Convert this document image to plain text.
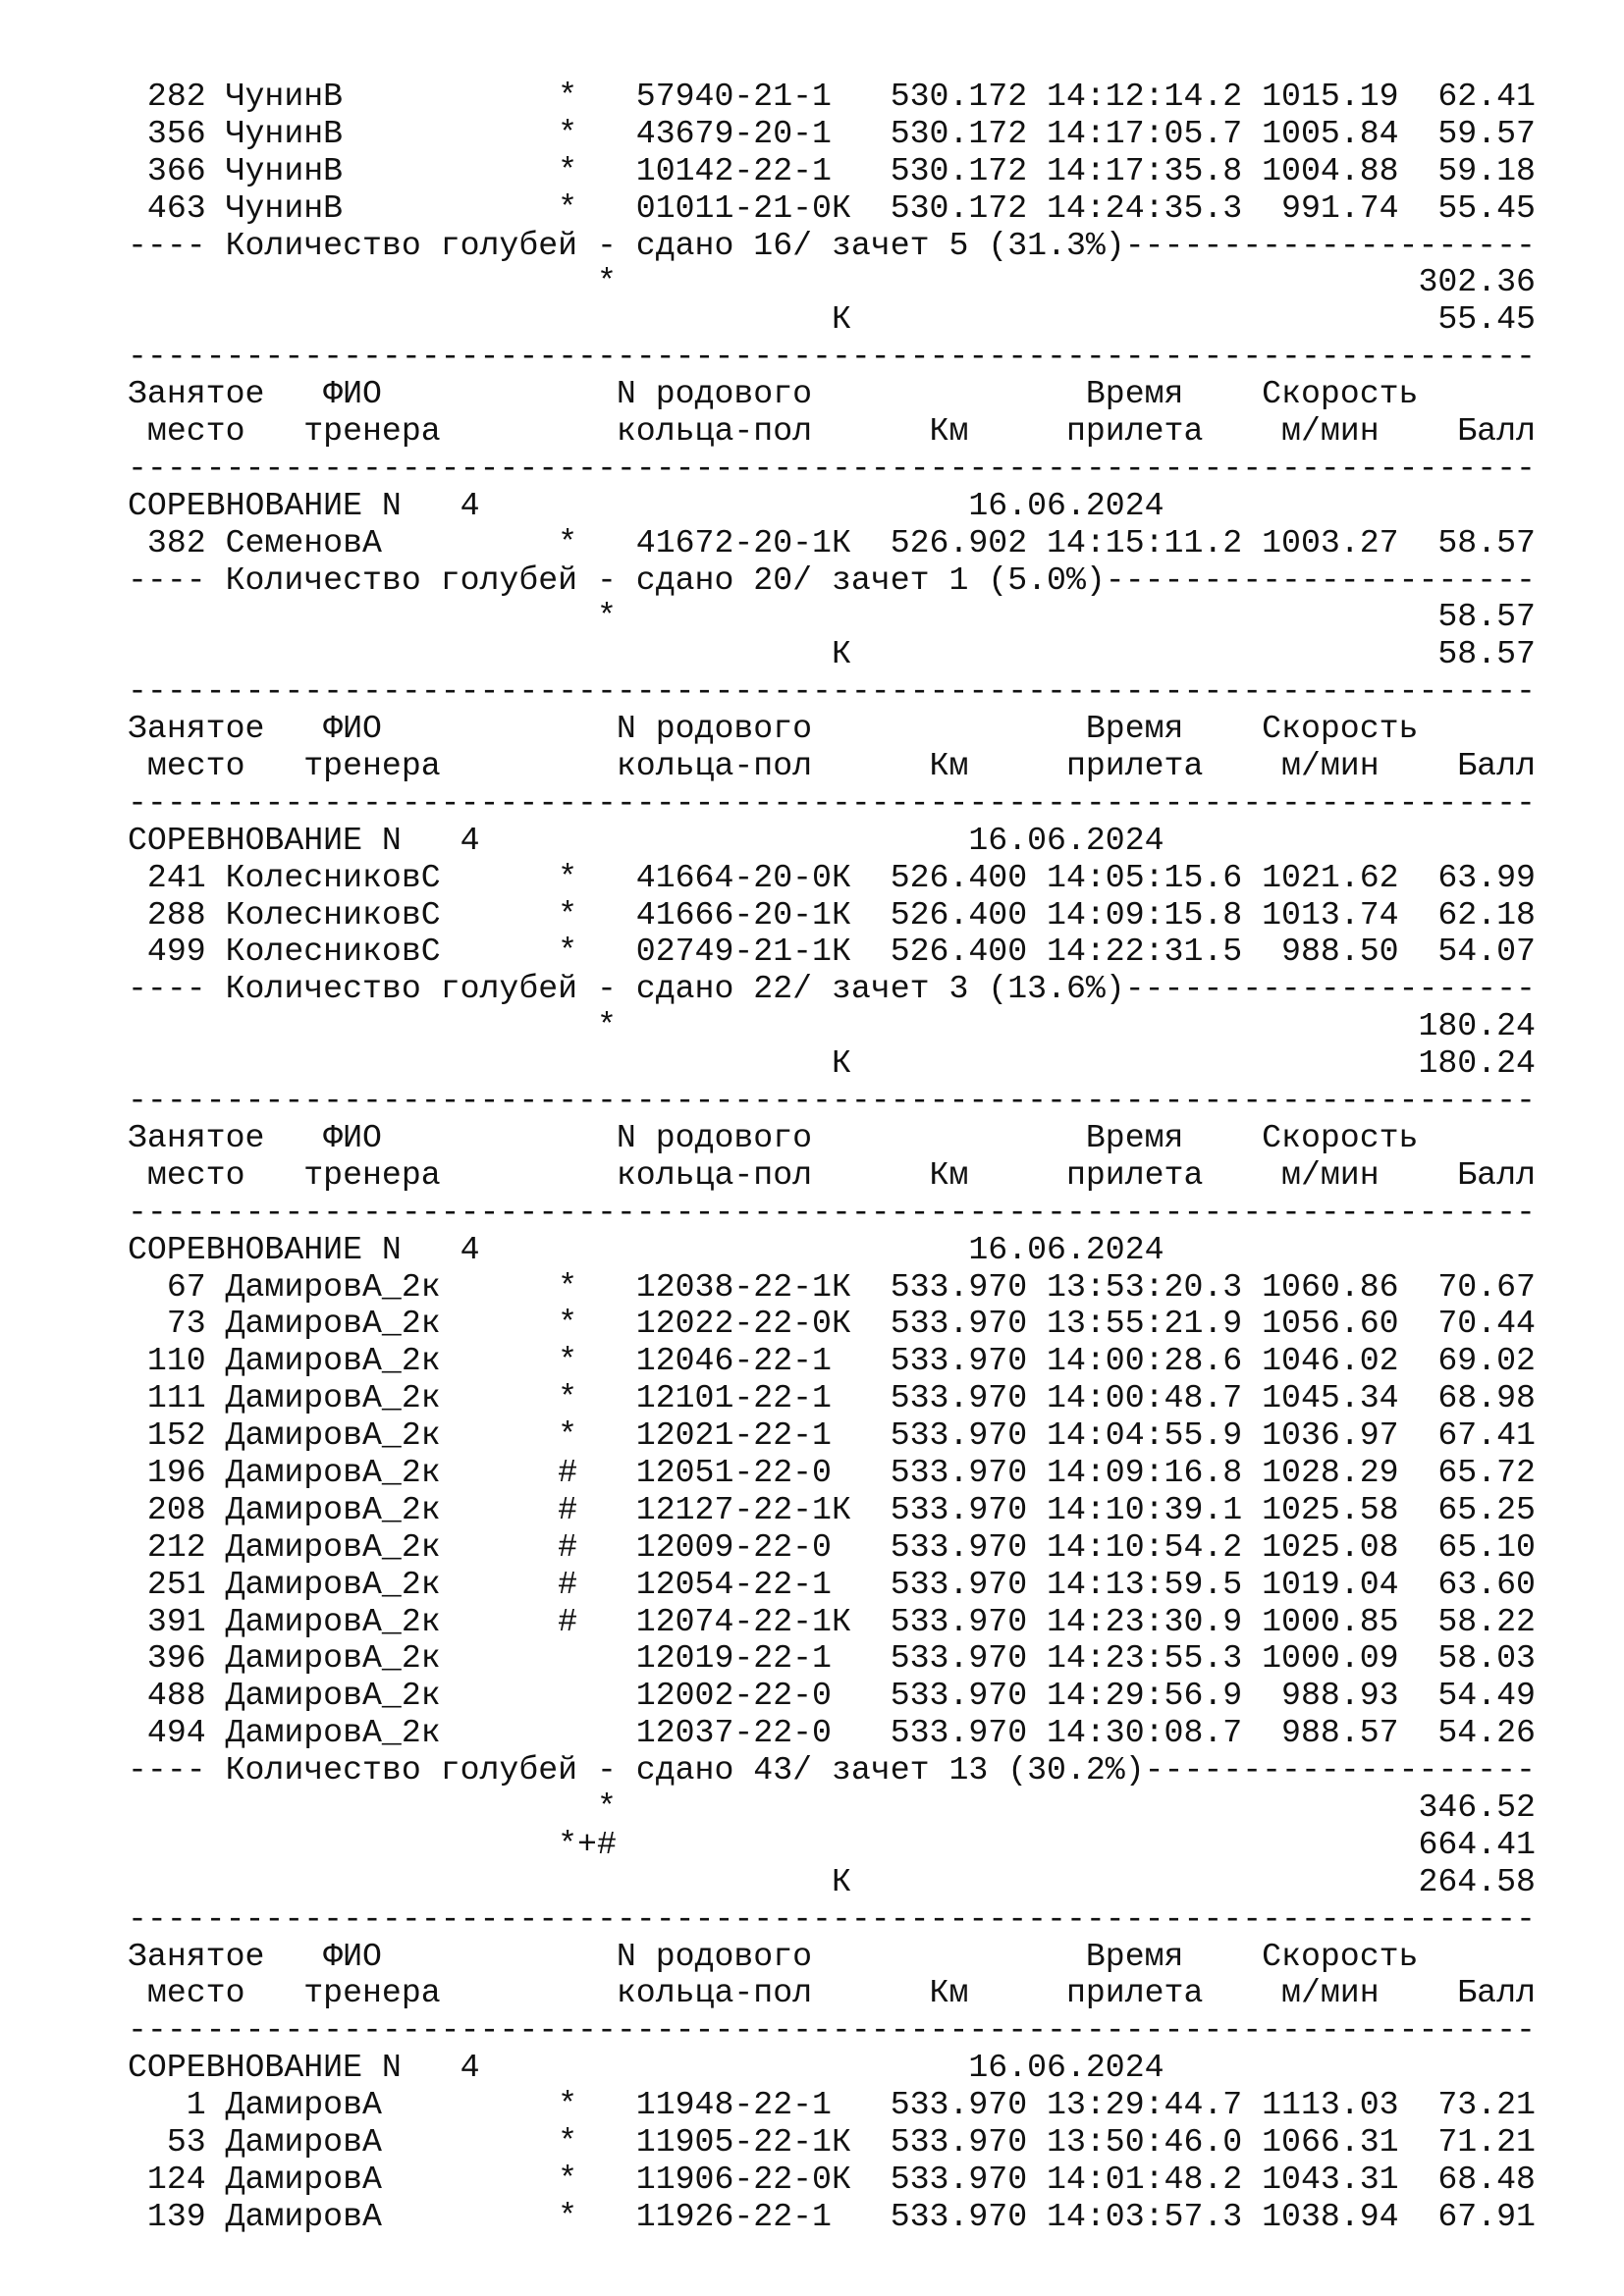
282 ЧунинВ           *   57940-21-1   530.172 14:12:14.2 1015.19  62.41
356 ЧунинВ           *   43679-20-1   530.172 14:17:05.7 1005.84  59.57
366 ЧунинВ           *   10142-22-1   530.172 14:17:35.8 1004.88  59.18
463 ЧунинВ           *   01011-21-0К  530.172 14:24:35.3  991.74  55.45
---- Количество голубей - сдано 16/ зачет 5 (31.3%)---------------------
*                                         302.36
К                              55.45
------------------------------------------------------------------------
Занятое   ФИО            N родового              Время    Скорость
место   тренера         кольца-пол      Км     прилета    м/мин    Балл
------------------------------------------------------------------------
СОРЕВНОВАНИЕ N   4                         16.06.2024
382 СеменовА         *   41672-20-1К  526.902 14:15:11.2 1003.27  58.57
---- Количество голубей - сдано 20/ зачет 1 (5.0%)----------------------
*                                          58.57
К                              58.57
------------------------------------------------------------------------
Занятое   ФИО            N родового              Время    Скорость
место   тренера         кольца-пол      Км     прилета    м/мин    Балл
------------------------------------------------------------------------
СОРЕВНОВАНИЕ N   4                         16.06.2024
241 КолесниковС      *   41664-20-0К  526.400 14:05:15.6 1021.62  63.99
288 КолесниковС      *   41666-20-1К  526.400 14:09:15.8 1013.74  62.18
499 КолесниковС      *   02749-21-1К  526.400 14:22:31.5  988.50  54.07
---- Количество голубей - сдано 22/ зачет 3 (13.6%)---------------------
*                                         180.24
К                             180.24
------------------------------------------------------------------------
Занятое   ФИО            N родового              Время    Скорость
место   тренера         кольца-пол      Км     прилета    м/мин    Балл
------------------------------------------------------------------------
СОРЕВНОВАНИЕ N   4                         16.06.2024
67 ДамировА_2к      *   12038-22-1К  533.970 13:53:20.3 1060.86  70.67
73 ДамировА_2к      *   12022-22-0К  533.970 13:55:21.9 1056.60  70.44
110 ДамировА_2к      *   12046-22-1   533.970 14:00:28.6 1046.02  69.02
111 ДамировА_2к      *   12101-22-1   533.970 14:00:48.7 1045.34  68.98
152 ДамировА_2к      *   12021-22-1   533.970 14:04:55.9 1036.97  67.41
196 ДамировА_2к      #   12051-22-0   533.970 14:09:16.8 1028.29  65.72
208 ДамировА_2к      #   12127-22-1К  533.970 14:10:39.1 1025.58  65.25
212 ДамировА_2к      #   12009-22-0   533.970 14:10:54.2 1025.08  65.10
251 ДамировА_2к      #   12054-22-1   533.970 14:13:59.5 1019.04  63.60
391 ДамировА_2к      #   12074-22-1К  533.970 14:23:30.9 1000.85  58.22
396 ДамировА_2к          12019-22-1   533.970 14:23:55.3 1000.09  58.03
488 ДамировА_2к          12002-22-0   533.970 14:29:56.9  988.93  54.49
494 ДамировА_2к          12037-22-0   533.970 14:30:08.7  988.57  54.26
---- Количество голубей - сдано 43/ зачет 13 (30.2%)--------------------
*                                         346.52
*+#                                         664.41
К                             264.58
------------------------------------------------------------------------
Занятое   ФИО            N родового              Время    Скорость
место   тренера         кольца-пол      Км     прилета    м/мин    Балл
------------------------------------------------------------------------
СОРЕВНОВАНИЕ N   4                         16.06.2024
1 ДамировА         *   11948-22-1   533.970 13:29:44.7 1113.03  73.21
53 ДамировА         *   11905-22-1К  533.970 13:50:46.0 1066.31  71.21
124 ДамировА         *   11906-22-0К  533.970 14:01:48.2 1043.31  68.48
139 ДамировА         *   11926-22-1   533.970 14:03:57.3 1038.94  67.91
